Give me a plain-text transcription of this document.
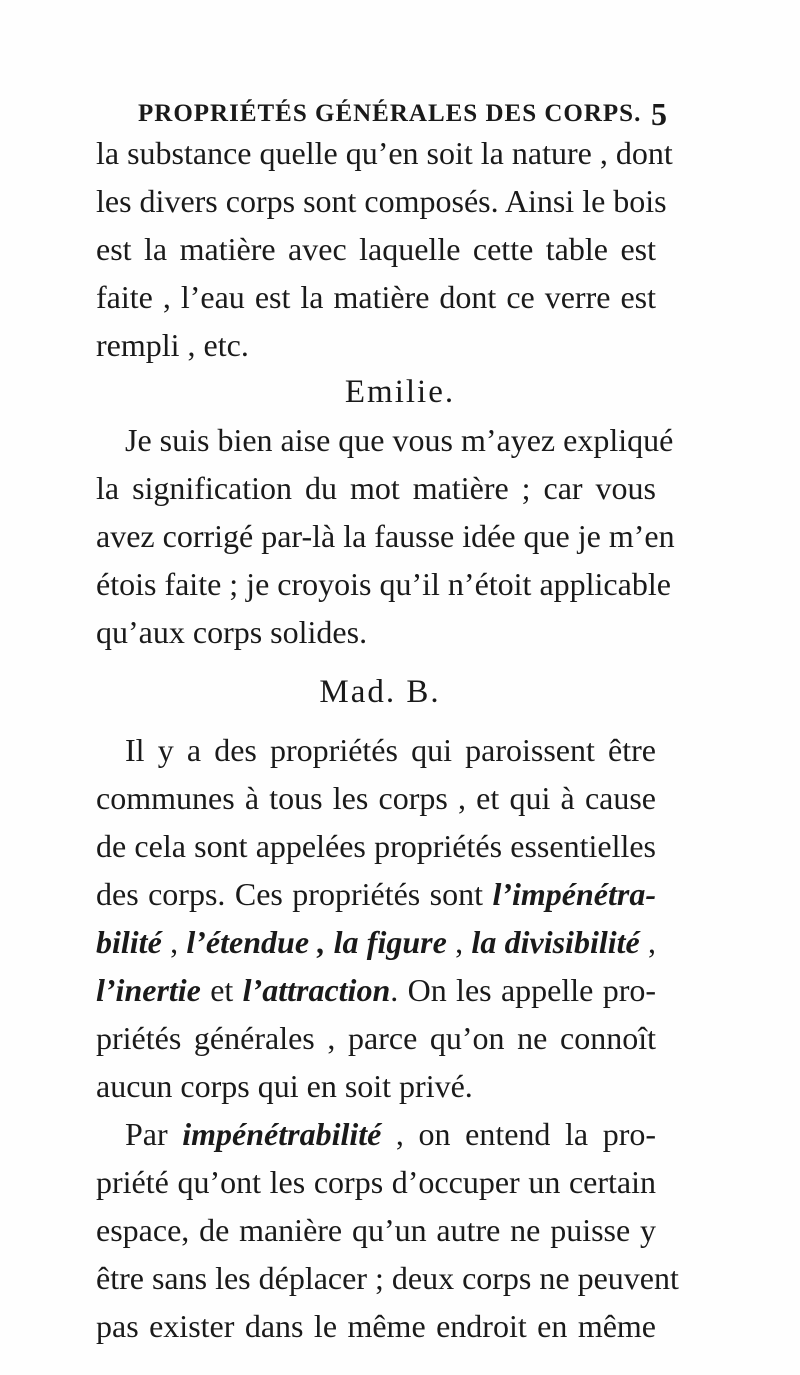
PROPRIÉTÉS GÉNÉRALES DES CORPS. 5
la substance quelle qu’en soit la nature , dont
les divers corps sont composés. Ainsi le bois
est la matière avec laquelle cette table est
faite , l’eau est la matière dont ce verre est
rempli , etc.
Emilie.
Je suis bien aise que vous m’ayez expliqué
la signification du mot matière ; car vous
avez corrigé par-là la fausse idée que je m’en
étois faite ; je croyois qu’il n’étoit applicable
qu’aux corps solides.
Mad. B.
Il y a des propriétés qui paroissent être
communes à tous les corps , et qui à cause
de cela sont appelées propriétés essentielles
des corps. Ces propriétés sont l’impénétra-
bilité , l’étendue , la figure , la divisibilité ,
l’inertie et l’attraction. On les appelle pro-
priétés générales , parce qu’on ne connoît
aucun corps qui en soit privé.
Par impénétrabilité , on entend la pro-
priété qu’ont les corps d’occuper un certain
espace, de manière qu’un autre ne puisse y
être sans les déplacer ; deux corps ne peuvent
pas exister dans le même endroit en même
